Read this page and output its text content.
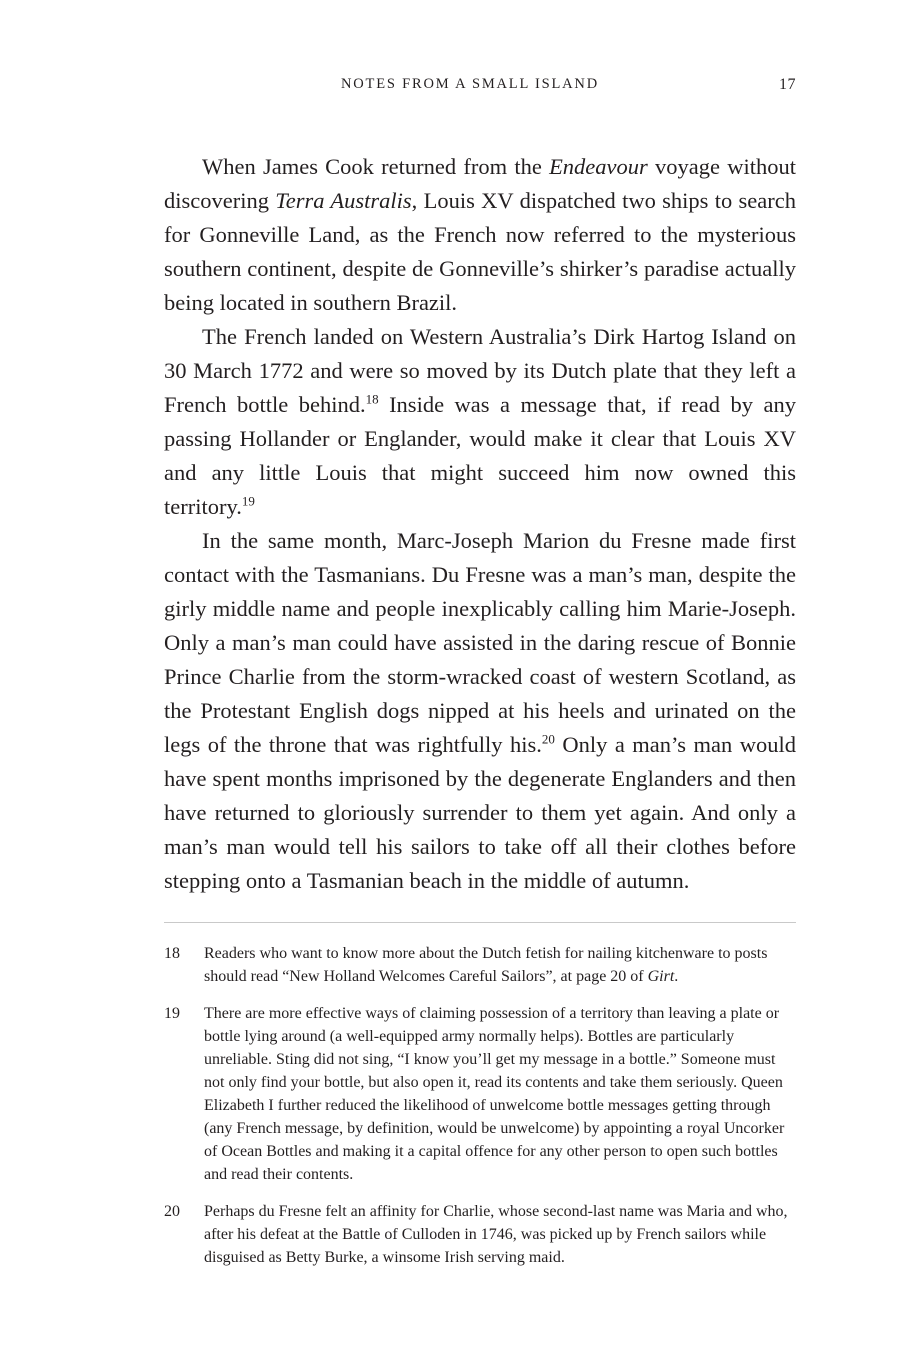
NOTES FROM A SMALL ISLAND	17

When James Cook returned from the Endeavour voyage without discovering Terra Australis, Louis XV dispatched two ships to search for Gonneville Land, as the French now referred to the mysterious southern continent, despite de Gonneville’s shirker’s paradise actually being located in southern Brazil.

The French landed on Western Australia’s Dirk Hartog Island on 30 March 1772 and were so moved by its Dutch plate that they left a French bottle behind.$^{18}$ Inside was a message that, if read by any passing Hollander or Englander, would make it clear that Louis XV and any little Louis that might succeed him now owned this territory.$^{19}$

In the same month, Marc-Joseph Marion du Fresne made first contact with the Tasmanians. Du Fresne was a man’s man, despite the girly middle name and people inexplicably calling him Marie-Joseph. Only a man’s man could have assisted in the daring rescue of Bonnie Prince Charlie from the storm-wracked coast of western Scotland, as the Protestant English dogs nipped at his heels and urinated on the legs of the throne that was rightfully his.$^{20}$ Only a man’s man would have spent months imprisoned by the degenerate Englanders and then have returned to gloriously surrender to them yet again. And only a man’s man would tell his sailors to take off all their clothes before stepping onto a Tasmanian beach in the middle of autumn.

18	Readers who want to know more about the Dutch fetish for nailing kitchenware to posts should read “New Holland Welcomes Careful Sailors”, at page 20 of Girt.
19	There are more effective ways of claiming possession of a territory than leaving a plate or bottle lying around (a well-equipped army normally helps). Bottles are particularly unreliable. Sting did not sing, “I know you’ll get my message in a bottle.” Someone must not only find your bottle, but also open it, read its contents and take them seriously. Queen Elizabeth I further reduced the likelihood of unwelcome bottle messages getting through (any French message, by definition, would be unwelcome) by appointing a royal Uncorker of Ocean Bottles and making it a capital offence for any other person to open such bottles and read their contents.
20	Perhaps du Fresne felt an affinity for Charlie, whose second-last name was Maria and who, after his defeat at the Battle of Culloden in 1746, was picked up by French sailors while disguised as Betty Burke, a winsome Irish serving maid.
